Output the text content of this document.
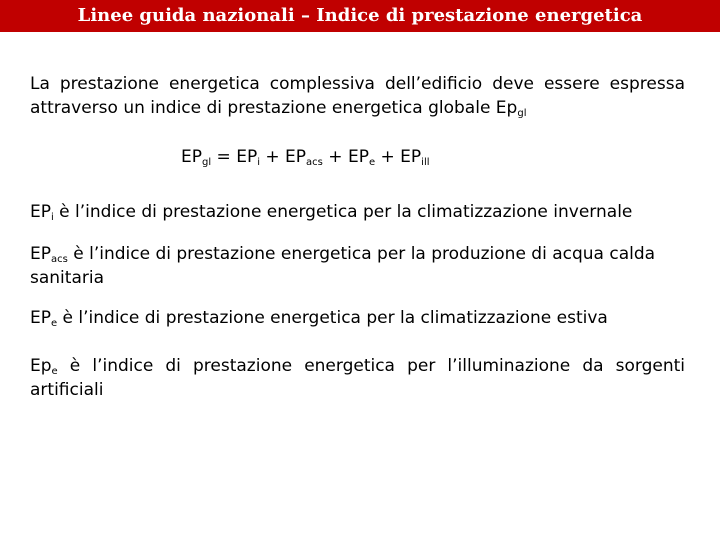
Linee guida nazionali – Indice di prestazione energetica

La prestazione energetica complessiva dell’edificio deve essere espressa attraverso un indice di prestazione energetica globale $Ep_{gl}$

$EP_{gl} = EP_i + EP_{acs} + EP_e + EP_{ill}$

$EP_i$ è l’indice di prestazione energetica per la climatizzazione invernale

$EP_{acs}$ è l’indice di prestazione energetica per la produzione di acqua calda sanitaria

$EP_e$ è l’indice di prestazione energetica per la climatizzazione estiva

$Ep_e$ è l’indice di prestazione energetica per l’illuminazione da sorgenti artificiali
